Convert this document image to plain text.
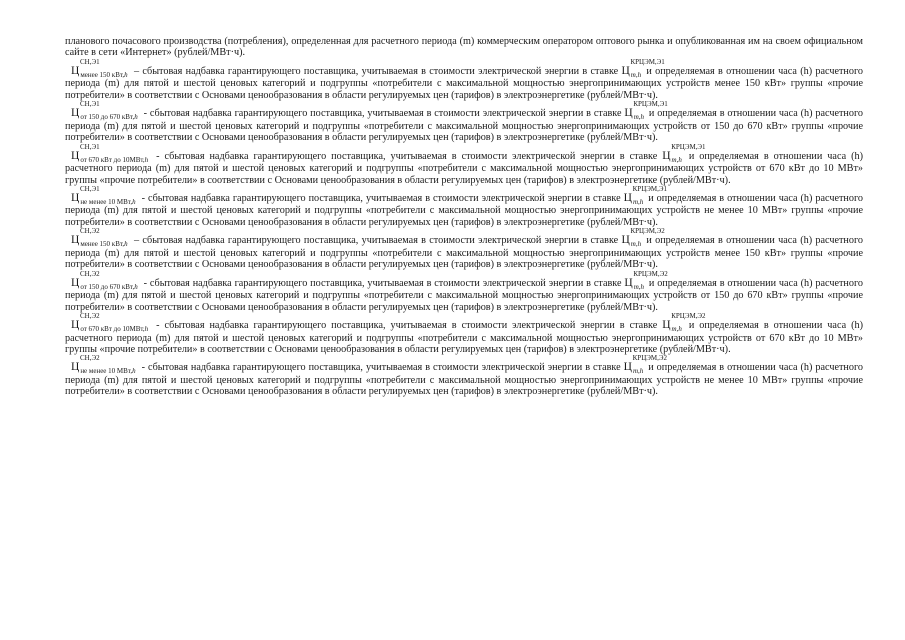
планового почасового производства (потребления), определенная для расчетного периода (m) коммерческим оператором оптового рынка и опубликованная им на своем официальном сайте в сети «Интернет» (рублей/МВт·ч).

Ц
СН,Э1
$_{менее 150 кВт,h}$ – сбытовая надбавка гарантирующего поставщика, учитываемая в стоимости электрической энергии в ставке Ц
КРЦЭМ,Э1
$_{m,h}$ и определяемая в отношении часа (h) расчетного периода (m) для пятой и шестой ценовых категорий и подгруппы «потребители с максимальной мощностью энергопринимающих устройств менее 150 кВт» группы «прочие потребители» в соответствии с Основами ценообразования в области регулируемых цен (тарифов) в электроэнергетике (рублей/МВт·ч).

Ц
СН,Э1
$_{от 150 до 670 кВт,h}$ - сбытовая надбавка гарантирующего поставщика, учитываемая в стоимости электрической энергии в ставке Ц
КРЦЭМ,Э1
$_{m,h}$ и определяемая в отношении часа (h) расчетного периода (m) для пятой и шестой ценовых категорий и подгруппы «потребители с максимальной мощностью энергопринимающих устройств от 150 до 670 кВт» группы «прочие потребители» в соответствии с Основами ценообразования в области регулируемых цен (тарифов) в электроэнергетике (рублей/МВт·ч).

Ц
СН,Э1
$_{от 670 кВт до 10МВт,h}$ - сбытовая надбавка гарантирующего поставщика, учитываемая в стоимости электрической энергии в ставке Ц
КРЦЭМ,Э1
$_{m,h}$ и определяемая в отношении часа (h) расчетного периода (m) для пятой и шестой ценовых категорий и подгруппы «потребители с максимальной мощностью энергопринимающих устройств от 670 кВт до 10 МВт» группы «прочие потребители» в соответствии с Основами ценообразования в области регулируемых цен (тарифов) в электроэнергетике (рублей/МВт·ч).

Ц
СН,Э1
$_{не менее 10 МВт,h}$ - сбытовая надбавка гарантирующего поставщика, учитываемая в стоимости электрической энергии в ставке Ц
КРЦЭМ,Э1
$_{m,h}$ и определяемая в отношении часа (h) расчетного периода (m) для пятой и шестой ценовых категорий и подгруппы «потребители с максимальной мощностью энергопринимающих устройств не менее 10 МВт» группы «прочие потребители» в соответствии с Основами ценообразования в области регулируемых цен (тарифов) в электроэнергетике (рублей/МВт·ч).

Ц
СН,Э2
$_{менее 150 кВт,h}$ – сбытовая надбавка гарантирующего поставщика, учитываемая в стоимости электрической энергии в ставке Ц
КРЦЭМ,Э2
$_{m,h}$ и определяемая в отношении часа (h) расчетного периода (m) для пятой и шестой ценовых категорий и подгруппы «потребители с максимальной мощностью энергопринимающих устройств менее 150 кВт» группы «прочие потребители» в соответствии с Основами ценообразования в области регулируемых цен (тарифов) в электроэнергетике (рублей/МВт·ч).

Ц
СН,Э2
$_{от 150 до 670 кВт,h}$ - сбытовая надбавка гарантирующего поставщика, учитываемая в стоимости электрической энергии в ставке Ц
КРЦЭМ,Э2
$_{m,h}$ и определяемая в отношении часа (h) расчетного периода (m) для пятой и шестой ценовых категорий и подгруппы «потребители с максимальной мощностью энергопринимающих устройств от 150 до 670 кВт» группы «прочие потребители» в соответствии с Основами ценообразования в области регулируемых цен (тарифов) в электроэнергетике (рублей/МВт·ч).

Ц
СН,Э2
$_{от 670 кВт до 10МВт,h}$ - сбытовая надбавка гарантирующего поставщика, учитываемая в стоимости электрической энергии в ставке Ц
КРЦЭМ,Э2
$_{m,h}$ и определяемая в отношении часа (h) расчетного периода (m) для пятой и шестой ценовых категорий и подгруппы «потребители с максимальной мощностью энергопринимающих устройств от 670 кВт до 10 МВт» группы «прочие потребители» в соответствии с Основами ценообразования в области регулируемых цен (тарифов) в электроэнергетике (рублей/МВт·ч).

Ц
СН,Э2
$_{не менее 10 МВт,h}$ - сбытовая надбавка гарантирующего поставщика, учитываемая в стоимости электрической энергии в ставке Ц
КРЦЭМ,Э2
$_{m,h}$ и определяемая в отношении часа (h) расчетного периода (m) для пятой и шестой ценовых категорий и подгруппы «потребители с максимальной мощностью энергопринимающих устройств не менее 10 МВт» группы «прочие потребители» в соответствии с Основами ценообразования в области регулируемых цен (тарифов) в электроэнергетике (рублей/МВт·ч).
